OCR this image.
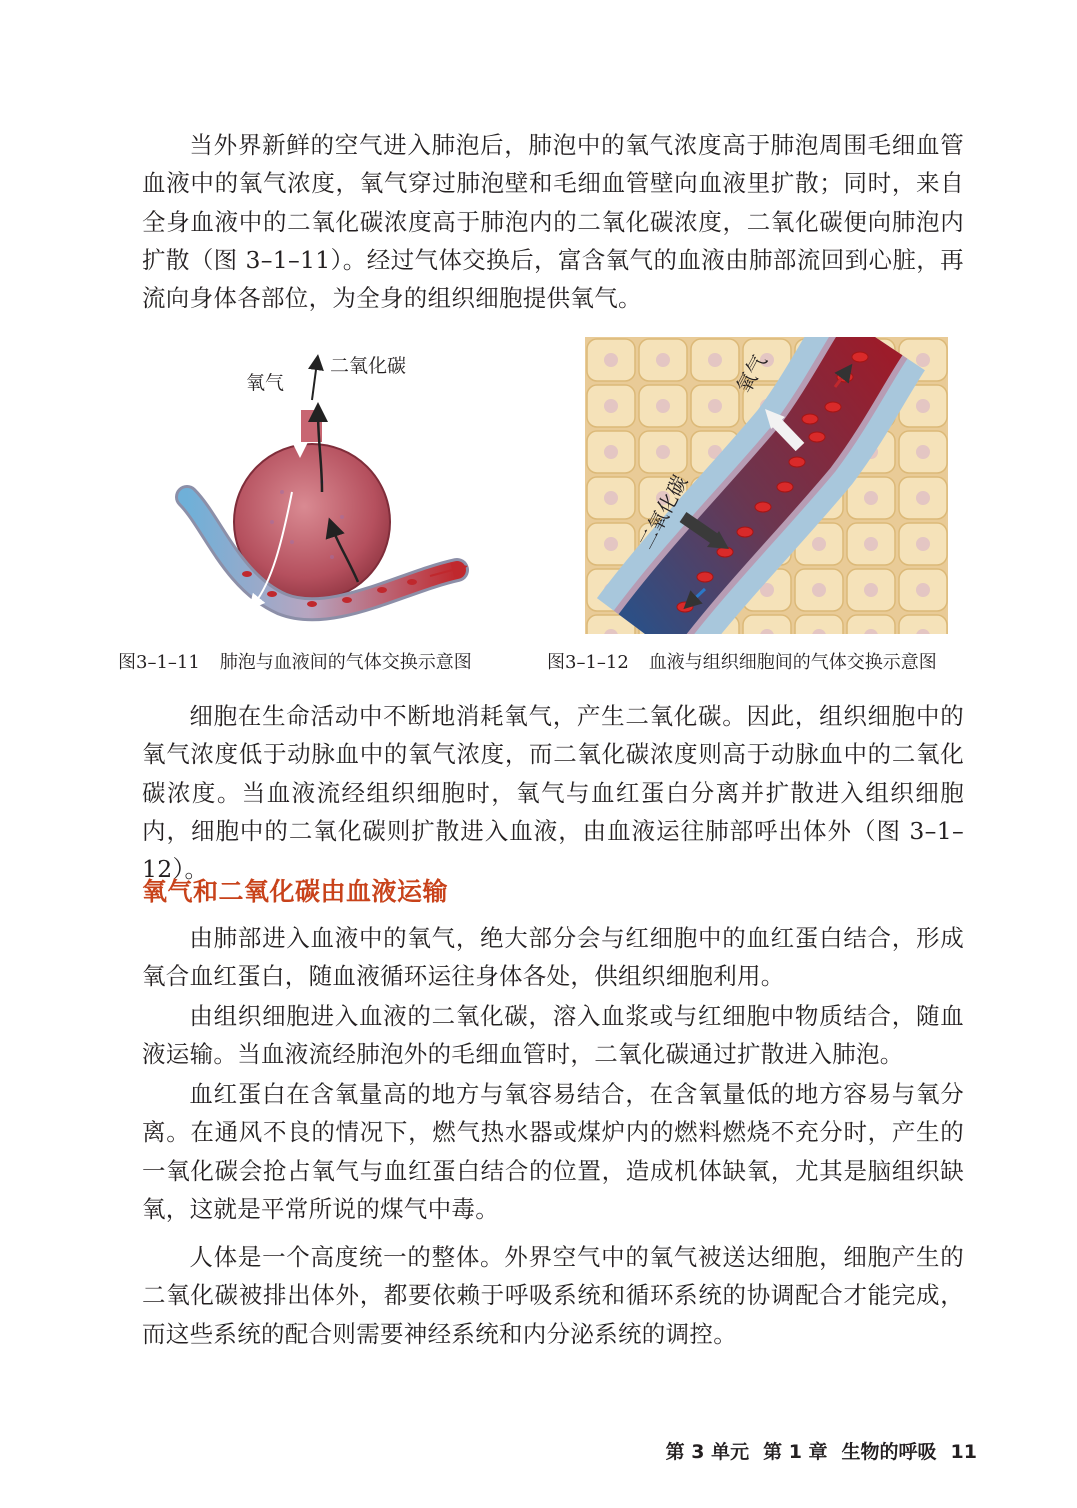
当外界新鲜的空气进入肺泡后，肺泡中的氧气浓度高于肺泡周围毛细血管血液中的氧气浓度，氧气穿过肺泡壁和毛细血管壁向血液里扩散；同时，来自全身血液中的二氧化碳浓度高于肺泡内的二氧化碳浓度，二氧化碳便向肺泡内扩散（图 3–1–11）。经过气体交换后，富含氧气的血液由肺部流回到心脏，再流向身体各部位，为全身的组织细胞提供氧气。

氧气
二氧化碳	氧气
二氧化碳
图3–1–11 肺泡与血液间的气体交换示意图	图3–1–12 血液与组织细胞间的气体交换示意图

细胞在生命活动中不断地消耗氧气，产生二氧化碳。因此，组织细胞中的氧气浓度低于动脉血中的氧气浓度，而二氧化碳浓度则高于动脉血中的二氧化碳浓度。当血液流经组织细胞时，氧气与血红蛋白分离并扩散进入组织细胞内，细胞中的二氧化碳则扩散进入血液，由血液运往肺部呼出体外（图 3–1–12）。

氧气和二氧化碳由血液运输

由肺部进入血液中的氧气，绝大部分会与红细胞中的血红蛋白结合，形成氧合血红蛋白，随血液循环运往身体各处，供组织细胞利用。

由组织细胞进入血液的二氧化碳，溶入血浆或与红细胞中物质结合，随血液运输。当血液流经肺泡外的毛细血管时，二氧化碳通过扩散进入肺泡。

血红蛋白在含氧量高的地方与氧容易结合，在含氧量低的地方容易与氧分离。在通风不良的情况下，燃气热水器或煤炉内的燃料燃烧不充分时，产生的一氧化碳会抢占氧气与血红蛋白结合的位置，造成机体缺氧，尤其是脑组织缺氧，这就是平常所说的煤气中毒。

人体是一个高度统一的整体。外界空气中的氧气被送达细胞，细胞产生的二氧化碳被排出体外，都要依赖于呼吸系统和循环系统的协调配合才能完成，而这些系统的配合则需要神经系统和内分泌系统的调控。

第 3 单元 第 1 章 生物的呼吸 11
